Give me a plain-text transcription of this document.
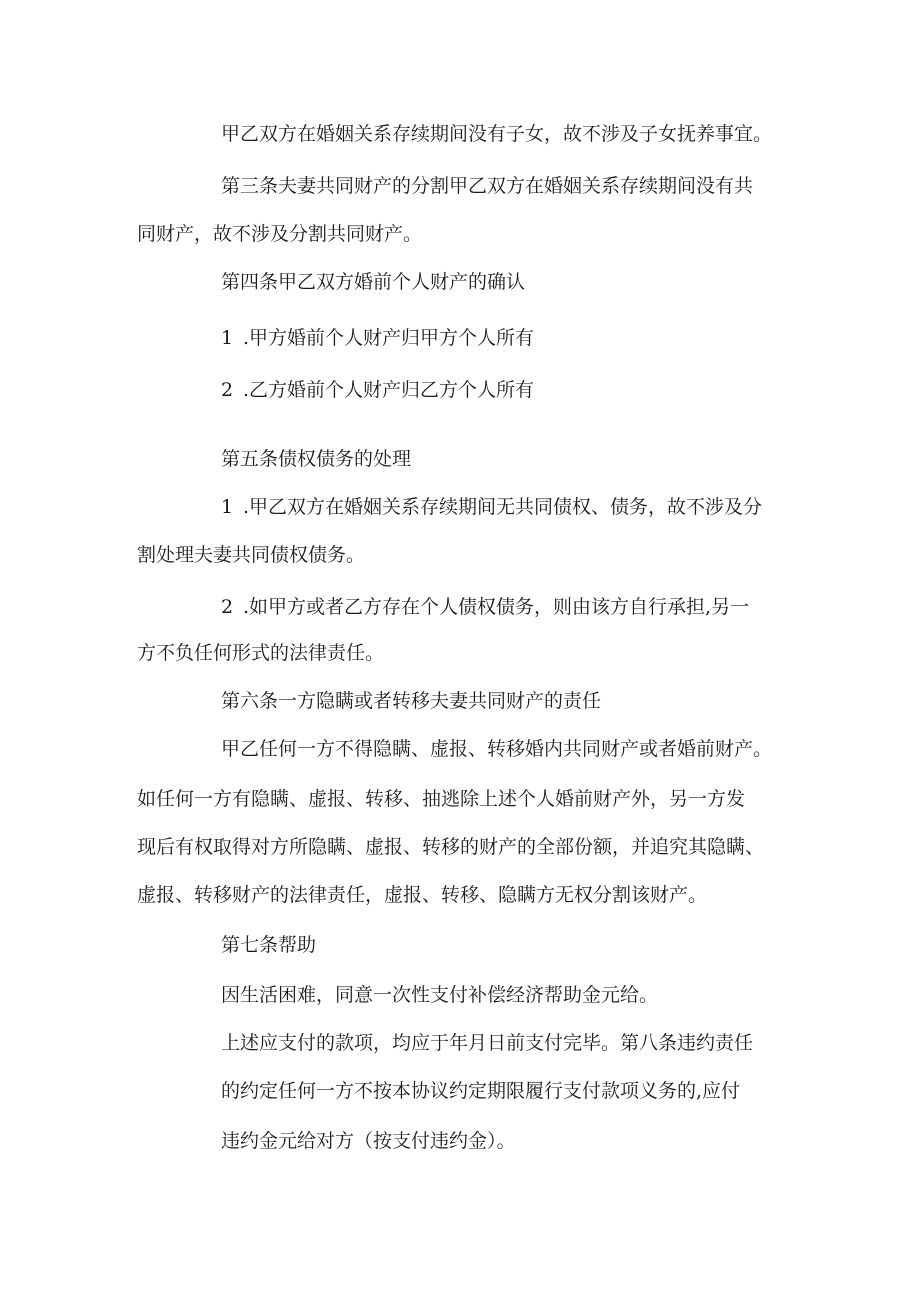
甲乙双方在婚姻关系存续期间没有子女，故不涉及子女抚养事宜。

第三条夫妻共同财产的分割甲乙双方在婚姻关系存续期间没有共

同财产，故不涉及分割共同财产。

第四条甲乙双方婚前个人财产的确认

1 .甲方婚前个人财产归甲方个人所有

2 .乙方婚前个人财产归乙方个人所有

第五条债权债务的处理

1 .甲乙双方在婚姻关系存续期间无共同债权、债务，故不涉及分

割处理夫妻共同债权债务。

2 .如甲方或者乙方存在个人债权债务，则由该方自行承担,另一

方不负任何形式的法律责任。

第六条一方隐瞒或者转移夫妻共同财产的责任

甲乙任何一方不得隐瞒、虚报、转移婚内共同财产或者婚前财产。

如任何一方有隐瞒、虚报、转移、抽逃除上述个人婚前财产外，另一方发

现后有权取得对方所隐瞒、虚报、转移的财产的全部份额，并追究其隐瞒、

虚报、转移财产的法律责任，虚报、转移、隐瞒方无权分割该财产。

第七条帮助

因生活困难，同意一次性支付补偿经济帮助金元给。

上述应支付的款项，均应于年月日前支付完毕。第八条违约责任

的约定任何一方不按本协议约定期限履行支付款项义务的,应付

违约金元给对方（按支付违约金）。
